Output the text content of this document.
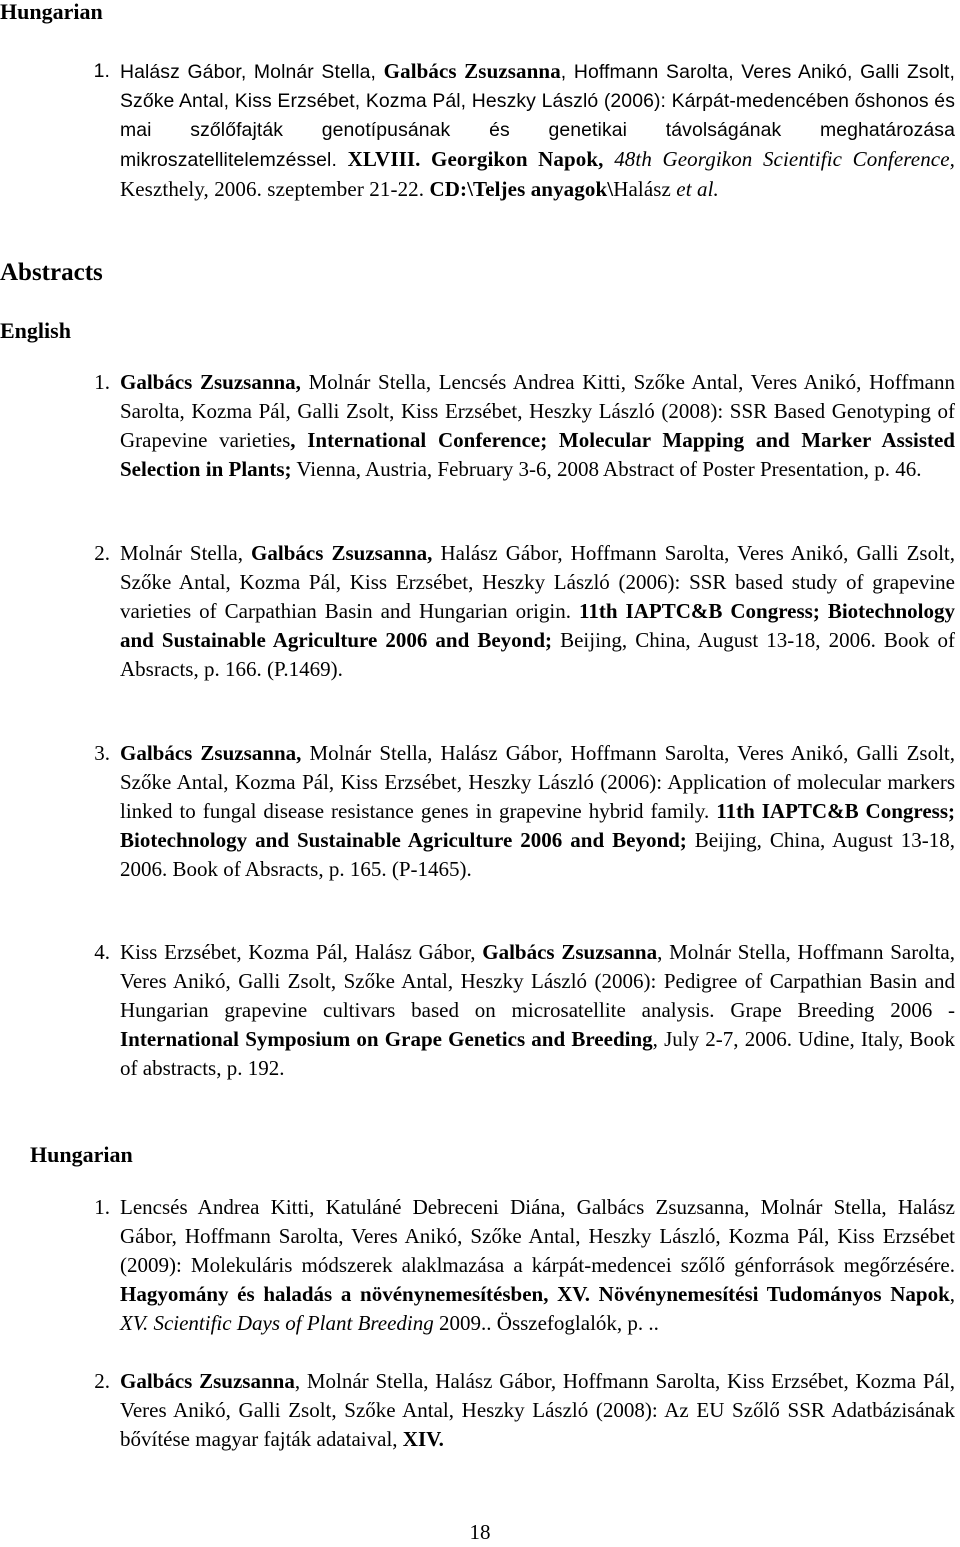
Hungarian
1. Halász Gábor, Molnár Stella, Galbács Zsuzsanna, Hoffmann Sarolta, Veres Anikó, Galli Zsolt, Szőke Antal, Kiss Erzsébet, Kozma Pál, Heszky László (2006): Kárpát-medencében őshonos és mai szőlőfajták genotípusának és genetikai távolságának meghatározása mikroszatellitelemzéssel. XLVIII. Georgikon Napok, 48th Georgikon Scientific Conference, Keszthely, 2006. szeptember 21-22. CD:\Teljes anyagok\Halász et al.
Abstracts
English
1. Galbács Zsuzsanna, Molnár Stella, Lencsés Andrea Kitti, Szőke Antal, Veres Anikó, Hoffmann Sarolta, Kozma Pál, Galli Zsolt, Kiss Erzsébet, Heszky László (2008): SSR Based Genotyping of Grapevine varieties, International Conference; Molecular Mapping and Marker Assisted Selection in Plants; Vienna, Austria, February 3-6, 2008 Abstract of Poster Presentation, p. 46.
2. Molnár Stella, Galbács Zsuzsanna, Halász Gábor, Hoffmann Sarolta, Veres Anikó, Galli Zsolt, Szőke Antal, Kozma Pál, Kiss Erzsébet, Heszky László (2006): SSR based study of grapevine varieties of Carpathian Basin and Hungarian origin. 11th IAPTC&B Congress; Biotechnology and Sustainable Agriculture 2006 and Beyond; Beijing, China, August 13-18, 2006. Book of Absracts, p. 166. (P.1469).
3. Galbács Zsuzsanna, Molnár Stella, Halász Gábor, Hoffmann Sarolta, Veres Anikó, Galli Zsolt, Szőke Antal, Kozma Pál, Kiss Erzsébet, Heszky László (2006): Application of molecular markers linked to fungal disease resistance genes in grapevine hybrid family. 11th IAPTC&B Congress; Biotechnology and Sustainable Agriculture 2006 and Beyond; Beijing, China, August 13-18, 2006. Book of Absracts, p. 165. (P-1465).
4. Kiss Erzsébet, Kozma Pál, Halász Gábor, Galbács Zsuzsanna, Molnár Stella, Hoffmann Sarolta, Veres Anikó, Galli Zsolt, Szőke Antal, Heszky László (2006): Pedigree of Carpathian Basin and Hungarian grapevine cultivars based on microsatellite analysis. Grape Breeding 2006 - International Symposium on Grape Genetics and Breeding, July 2-7, 2006. Udine, Italy, Book of abstracts, p. 192.
Hungarian
1. Lencsés Andrea Kitti, Katuláné Debreceni Diána, Galbács Zsuzsanna, Molnár Stella, Halász Gábor, Hoffmann Sarolta, Veres Anikó, Szőke Antal, Heszky László, Kozma Pál, Kiss Erzsébet (2009): Molekuláris módszerek alaklmazása a kárpát-medencei szőlő génforrások megőrzésére. Hagyomány és haladás a növénynemesítésben, XV. Növénynemesítési Tudományos Napok, XV. Scientific Days of Plant Breeding 2009.. Összefoglalók, p. ..
2. Galbács Zsuzsanna, Molnár Stella, Halász Gábor, Hoffmann Sarolta, Kiss Erzsébet, Kozma Pál, Veres Anikó, Galli Zsolt, Szőke Antal, Heszky László (2008): Az EU Szőlő SSR Adatbázisának bővítése magyar fajták adataival, XIV.
18
